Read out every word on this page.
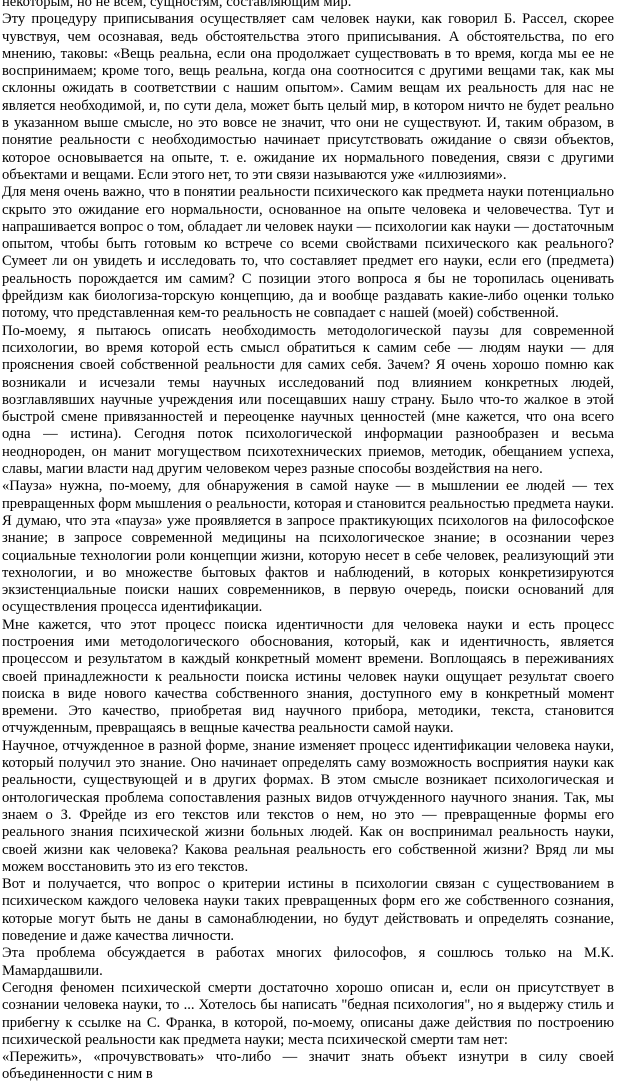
некоторым, но не всем, сущностям, составляющим мир.

Эту процедуру приписывания осуществляет сам человек науки, как говорил Б. Рассел, скорее чувствуя, чем осознавая, ведь обстоятельства этого приписывания. А обстоятельства, по его мнению, таковы: «Вещь реальна, если она продолжает существовать в то время, когда мы ее не воспринимаем; кроме того, вещь реальна, когда она соотносится с другими вещами так, как мы склонны ожидать в соответствии с нашим опытом». Самим вещам их реальность для нас не является необходимой, и, по сути дела, может быть целый мир, в котором ничто не будет реально в указанном выше смысле, но это вовсе не значит, что они не существуют. И, таким образом, в понятие реальности с необходимостью начинает присутствовать ожидание о связи объектов, которое основывается на опыте, т. е. ожидание их нормального поведения, связи с другими объектами и вещами. Если этого нет, то эти связи называются уже «иллюзиями».

Для меня очень важно, что в понятии реальности психического как предмета науки потенциально скрыто это ожидание его нормальности, основанное на опыте человека и человечества. Тут и напрашивается вопрос о том, обладает ли человек науки — психологии как науки — достаточным опытом, чтобы быть готовым ко встрече со всеми свойствами психического как реального? Сумеет ли он увидеть и исследовать то, что составляет предмет его науки, если его (предмета) реальность порождается им самим? С позиции этого вопроса я бы не торопилась оценивать фрейдизм как биологиза-торскую концепцию, да и вообще раздавать какие-либо оценки только потому, что представленная кем-то реальность не совпадает с нашей (моей) собственной.

По-моему, я пытаюсь описать необходимость методологической паузы для современной психологии, во время которой есть смысл обратиться к самим себе — людям науки — для прояснения своей собственной реальности для самих себя. Зачем? Я очень хорошо помню как возникали и исчезали темы научных исследований под влиянием конкретных людей, возглавлявших научные учреждения или посещавших нашу страну. Было что-то жалкое в этой быстрой смене привязанностей и переоценке научных ценностей (мне кажется, что она всего одна — истина). Сегодня поток психологической информации разнообразен и весьма неоднороден, он манит могуществом психотехнических приемов, методик, обещанием успеха, славы, магии власти над другим человеком через разные способы воздействия на него.

«Пауза» нужна, по-моему, для обнаружения в самой науке — в мышлении ее людей — тех превращенных форм мышления о реальности, которая и становится реальностью предмета науки. Я думаю, что эта «пауза» уже проявляется в запросе практикующих психологов на философское знание; в запросе современной медицины на психологическое знание; в осознании через социальные технологии роли концепции жизни, которую несет в себе человек, реализующий эти технологии, и во множестве бытовых фактов и наблюдений, в которых конкретизируются экзистенциальные поиски наших современников, в первую очередь, поиски оснований для осуществления процесса идентификации.

Мне кажется, что этот процесс поиска идентичности для человека науки и есть процесс построения ими методологического обоснования, который, как и идентичность, является процессом и результатом в каждый конкретный момент времени. Воплощаясь в переживаниях своей принадлежности к реальности поиска истины человек науки ощущает результат своего поиска в виде нового качества собственного знания, доступного ему в конкретный момент времени. Это качество, приобретая вид научного прибора, методики, текста, становится отчужденным, превращаясь в вещные качества реальности самой науки.

Научное, отчужденное в разной форме, знание изменяет процесс идентификации человека науки, который получил это знание. Оно начинает определять саму возможность восприятия науки как реальности, существующей и в других формах. В этом смысле возникает психологическая и онтологическая проблема сопоставления разных видов отчужденного научного знания. Так, мы знаем о З. Фрейде из его текстов или текстов о нем, но это — превращенные формы его реального знания психической жизни больных людей. Как он воспринимал реальность науки, своей жизни как человека? Какова реальная реальность его собственной жизни? Вряд ли мы можем восстановить это из его текстов.

Вот и получается, что вопрос о критерии истины в психологии связан с существованием в психическом каждого человека науки таких превращенных форм его же собственного сознания, которые могут быть не даны в самонаблюдении, но будут действовать и определять сознание, поведение и даже качества личности.

Эта проблема обсуждается в работах многих философов, я сошлюсь только на М.К. Мамардашвили.

Сегодня феномен психической смерти достаточно хорошо описан и, если он присутствует в сознании человека науки, то ... Хотелось бы написать "бедная психология", но я выдержу стиль и прибегну к ссылке на С. Франка, в которой, по-моему, описаны даже действия по построению психической реальности как предмета науки; места психической смерти там нет:

«Пережить», «прочувствовать» что-либо — значит знать объект изнутри в силу своей объединенности с ним в
